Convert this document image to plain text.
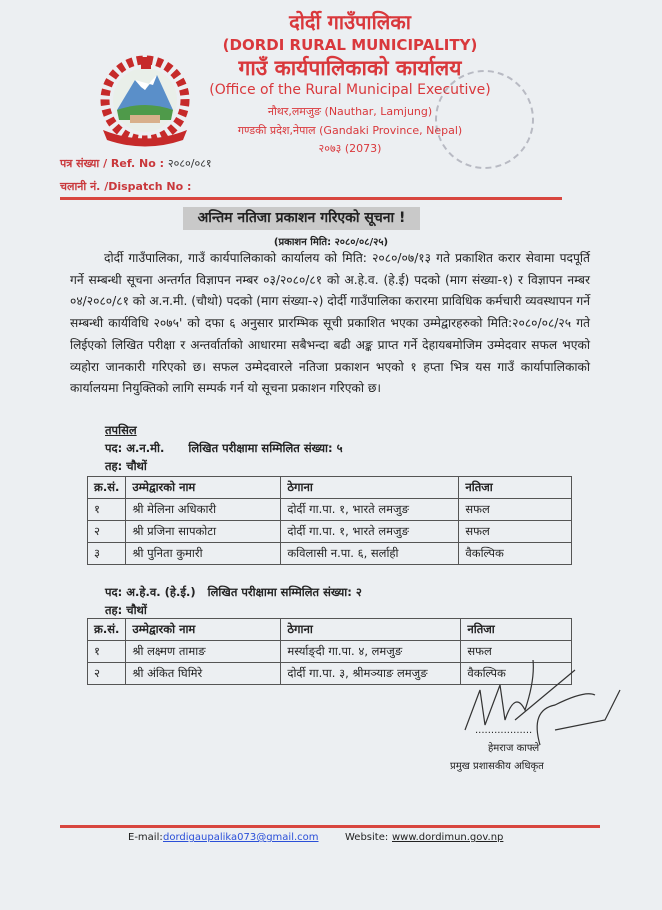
दोर्दी गाउँपालिका
(DORDI RURAL MUNICIPALITY)
गाउँ कार्यपालिकाको कार्यालय
(Office of the Rural Municipal Executive)
नौथर,लमजुङ (Nauthar, Lamjung)
गण्डकी प्रदेश,नेपाल (Gandaki Province, Nepal)
२०७३ (2073)
पत्र संख्या / Ref. No : २०८०/०८१
चलानी नं. /Dispatch No :
अन्तिम नतिजा प्रकाशन गरिएको सूचना !
(प्रकाशन मिति: २०८०/०८/२५)
दोर्दी गाउँपालिका, गाउँ कार्यपालिकाको कार्यालय को मिति: २०८०/०७/१३ गते प्रकाशित करार सेवामा पदपूर्ति गर्ने सम्बन्धी सूचना अन्तर्गत विज्ञापन नम्बर ०३/२०८०/८१ को अ.हे.व. (हे.ई) पदको (माग संख्या-१) र विज्ञापन नम्बर ०४/२०८०/८१ को अ.न.मी. (चौथो) पदको (माग संख्या-२) दोर्दी गाउँपालिका करारमा प्राविधिक कर्मचारी व्यवस्थापन गर्ने सम्बन्धी कार्यविधि २०७५' को दफा ६ अनुसार प्रारम्भिक सूची प्रकाशित भएका उम्मेद्वारहरुको मिति:२०८०/०८/२५ गते लिईएको लिखित परीक्षा र अन्तर्वार्ताको आधारमा सबैभन्दा बढी अङ्क प्राप्त गर्ने देहायबमोजिम उम्मेदवार सफल भएको व्यहोरा जानकारी गरिएको छ। सफल उम्मेदवारले नतिजा प्रकाशन भएको १ हप्ता भित्र यस गाउँ कार्यापालिकाको कार्यालयमा नियुक्तिको लागि सम्पर्क गर्न यो सूचना प्रकाशन गरिएको छ।
तपसिल
पद: अ.न.मी. लिखित परीक्षामा सम्मिलित संख्या: ५
तह: चौथों
क्र.सं.	उम्मेद्वारको नाम	ठेगाना	नतिजा
१	श्री मेलिना अधिकारी	दोर्दी गा.पा. १, भारते लमजुङ	सफल
२	श्री प्रजिना सापकोटा	दोर्दी गा.पा. १, भारते लमजुङ	सफल
३	श्री पुनिता कुमारी	कविलासी न.पा. ६, सर्लाही	वैकल्पिक
पद: अ.हे.व. (हे.ई.) लिखित परीक्षामा सम्मिलित संख्या: २
तह: चौथों
क्र.सं.	उम्मेद्वारको नाम	ठेगाना	नतिजा
१	श्री लक्ष्मण तामाङ	मर्स्याङ्दी गा.पा. ४, लमजुङ	सफल
२	श्री अंकित घिमिरे	दोर्दी गा.पा. ३, श्रीमञ्याङ लमजुङ	वैकल्पिक
..................
हेमराज काफ्ले
प्रमुख प्रशासकीय अधिकृत
E-mail: dordigaupalika073@gmail.com	Website: www.dordimun.gov.np
